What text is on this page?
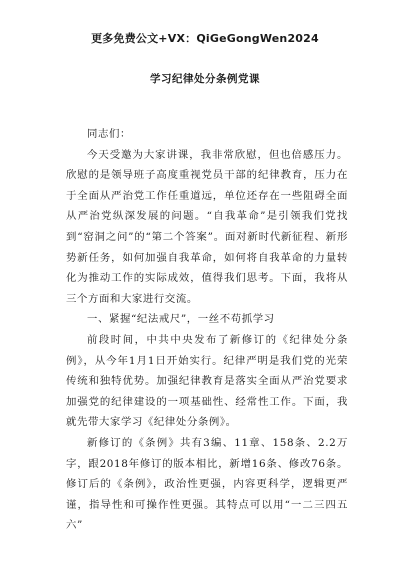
更多免费公文+VX：QiGeGongWen2024
学习纪律处分条例党课

同志们：

今天受邀为大家讲课，我非常欣慰，但也倍感压力。欣慰的是领导班子高度重视党员干部的纪律教育，压力在于全面从严治党工作任重道远，单位还存在一些阻碍全面从严治党纵深发展的问题。“自我革命”是引领我们党找到“窑洞之问”的“第二个答案”。面对新时代新征程、新形势新任务，如何加强自我革命，如何将自我革命的力量转化为推动工作的实际成效，值得我们思考。下面，我将从三个方面和大家进行交流。

一、紧握“纪法戒尺”，一丝不苟抓学习

前段时间，中共中央发布了新修订的《纪律处分条例》，从今年1月1日开始实行。纪律严明是我们党的光荣传统和独特优势。加强纪律教育是落实全面从严治党要求加强党的纪律建设的一项基础性、经常性工作。下面，我就先带大家学习《纪律处分条例》。

新修订的《条例》共有3编、11章、158条、2.2万字，跟2018年修订的版本相比，新增16条、修改76条。修订后的《条例》，政治性更强，内容更科学，逻辑更严谨，指导性和可操作性更强。其特点可以用“一二三四五六”
